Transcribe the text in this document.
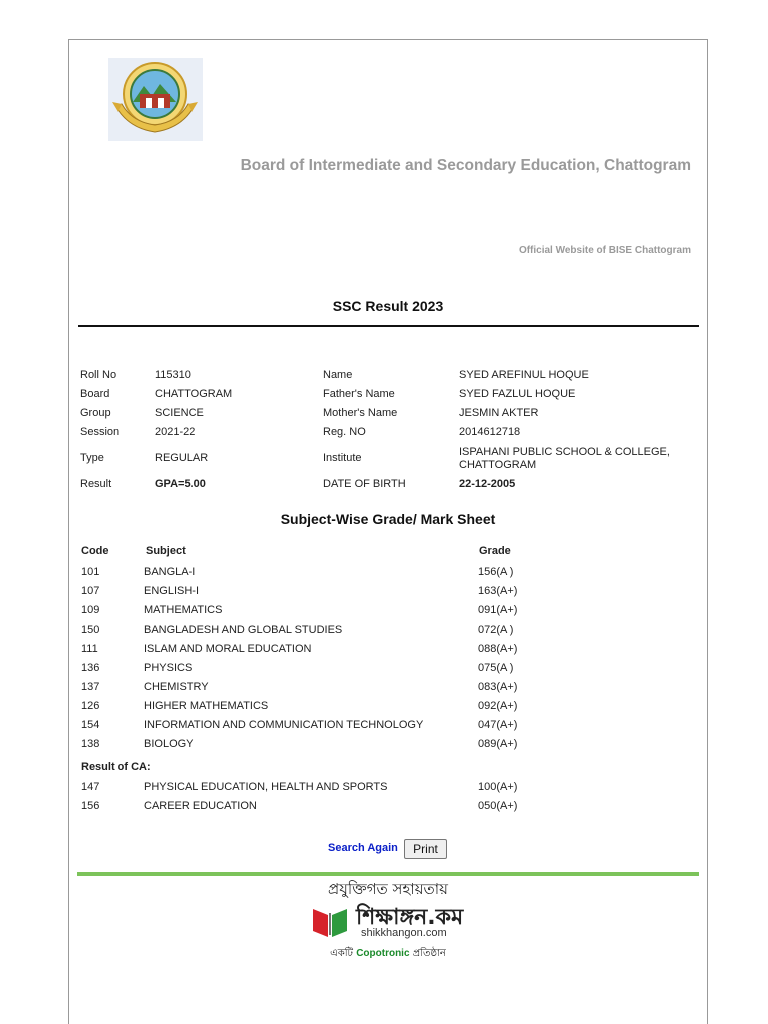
Board of Intermediate and Secondary Education, Chattogram
Official Website of BISE Chattogram
SSC Result 2023
Roll No	115310	Name	SYED AREFINUL HOQUE
Board	CHATTOGRAM	Father's Name	SYED FAZLUL HOQUE
Group	SCIENCE	Mother's Name	JESMIN AKTER
Session	2021-22	Reg. NO	2014612718
Type	REGULAR	Institute	ISPAHANI PUBLIC SCHOOL & COLLEGE,
CHATTOGRAM
Result	GPA=5.00	DATE OF BIRTH	22-12-2005
Subject-Wise Grade/ Mark Sheet
Code	Subject	Grade
101	BANGLA-I	156(A )
107	ENGLISH-I	163(A+)
109	MATHEMATICS	091(A+)
150	BANGLADESH AND GLOBAL STUDIES	072(A )
111	ISLAM AND MORAL EDUCATION	088(A+)
136	PHYSICS	075(A )
137	CHEMISTRY	083(A+)
126	HIGHER MATHEMATICS	092(A+)
154	INFORMATION AND COMMUNICATION TECHNOLOGY	047(A+)
138	BIOLOGY	089(A+)
Result of CA:
147	PHYSICAL EDUCATION, HEALTH AND SPORTS	100(A+)
156	CAREER EDUCATION	050(A+)
Search Again	Print
প্রযুক্তিগত সহায়তায়
শিক্ষাঙ্গন.কম
shikkhangon.com
একটি Copotronic প্রতিষ্ঠান
